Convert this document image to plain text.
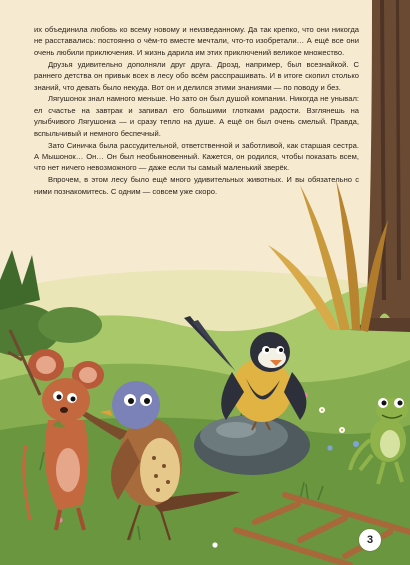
их объединила любовь ко всему новому и неизведанному. Да так крепко, что они никогда не расставались: постоянно о чём-то вместе мечтали, что-то изобретали… А ещё все они очень любили приключения. И жизнь дарила им этих приключений великое множество.

Друзья удивительно дополняли друг друга. Дрозд, например, был всезнайкой. С раннего детства он привык всех в лесу обо всём расспрашивать. И в итоге скопил столько знаний, что девать было некуда. Вот он и делился этими знаниями — по поводу и без.

Лягушонок знал намного меньше. Но зато он был душой компании. Никогда не унывал: ел счастье на завтрак и запивал его большими глотками радости. Взглянешь на улыбчивого Лягушонка — и сразу тепло на душе. А ещё он был очень смелый. Правда, вспыльчивый и немного беспечный.

Зато Синичка была рассудительной, ответственной и заботливой, как старшая сестра. А Мышонок… Он… Он был необыкновенный. Кажется, он родился, чтобы показать всем, что нет ничего невозможного — даже если ты самый маленький зверёк.

Впрочем, в этом лесу было ещё много удивительных животных. И вы обязательно с ними познакомитесь. С одним — совсем уже скоро.

3
